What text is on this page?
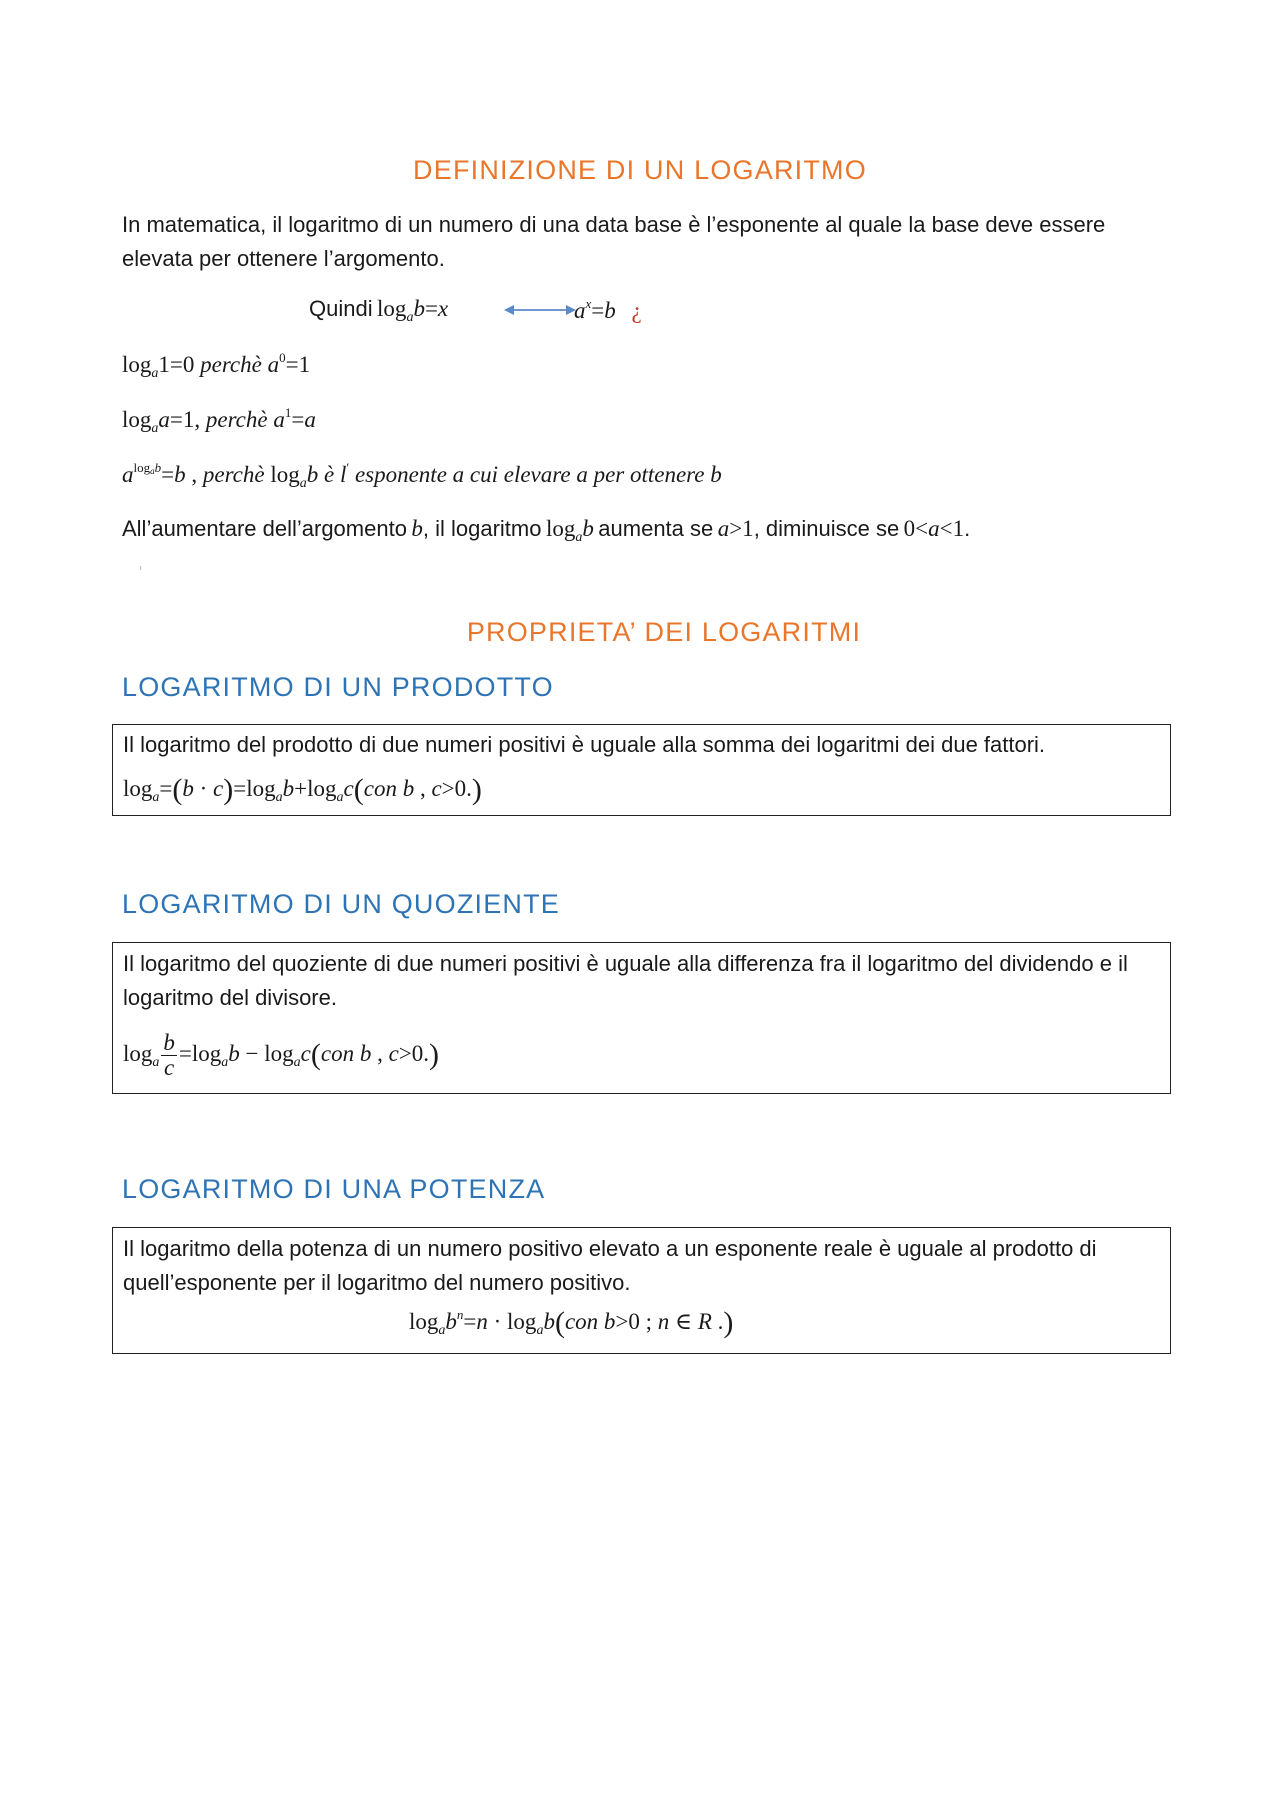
DEFINIZIONE DI UN LOGARITMO
In matematica, il logaritmo di un numero di una data base è l’esponente al quale la base deve essere elevata per ottenere l’argomento.
Quindi $\log_ab=x$	$a^x=b$ ¿
$\log_a1=0$ perchè $a^0=1$
$\log_aa=1$, perchè $a^1=a$
$a^{log_ab}=b$ , perchè $\log_ab$ è l′ esponente a cui elevare a per ottenere b
All’aumentare dell’argomento b, il logaritmo $\log_ab$ aumenta se a>1, diminuisce se 0<a<1.
PROPRIETA’ DEI LOGARITMI
LOGARITMO DI UN PRODOTTO
Il logaritmo del prodotto di due numeri positivi è uguale alla somma dei logaritmi dei due fattori.
$\log_a=(b \cdot c)=\log_ab+\log_ac(con$ b , c>0.)
LOGARITMO DI UN QUOZIENTE
Il logaritmo del quoziente di due numeri positivi è uguale alla differenza fra il logaritmo del dividendo e il logaritmo del divisore.
$\log_a \frac{b}{c} =\log_ab - \log_ac(con$ b , c>0.)
LOGARITMO DI UNA POTENZA
Il logaritmo della potenza di un numero positivo elevato a un esponente reale è uguale al prodotto di quell’esponente per il logaritmo del numero positivo.
$\log_ab^n=n \cdot \log_ab(con$ b>0 ; n ∈ R .)
